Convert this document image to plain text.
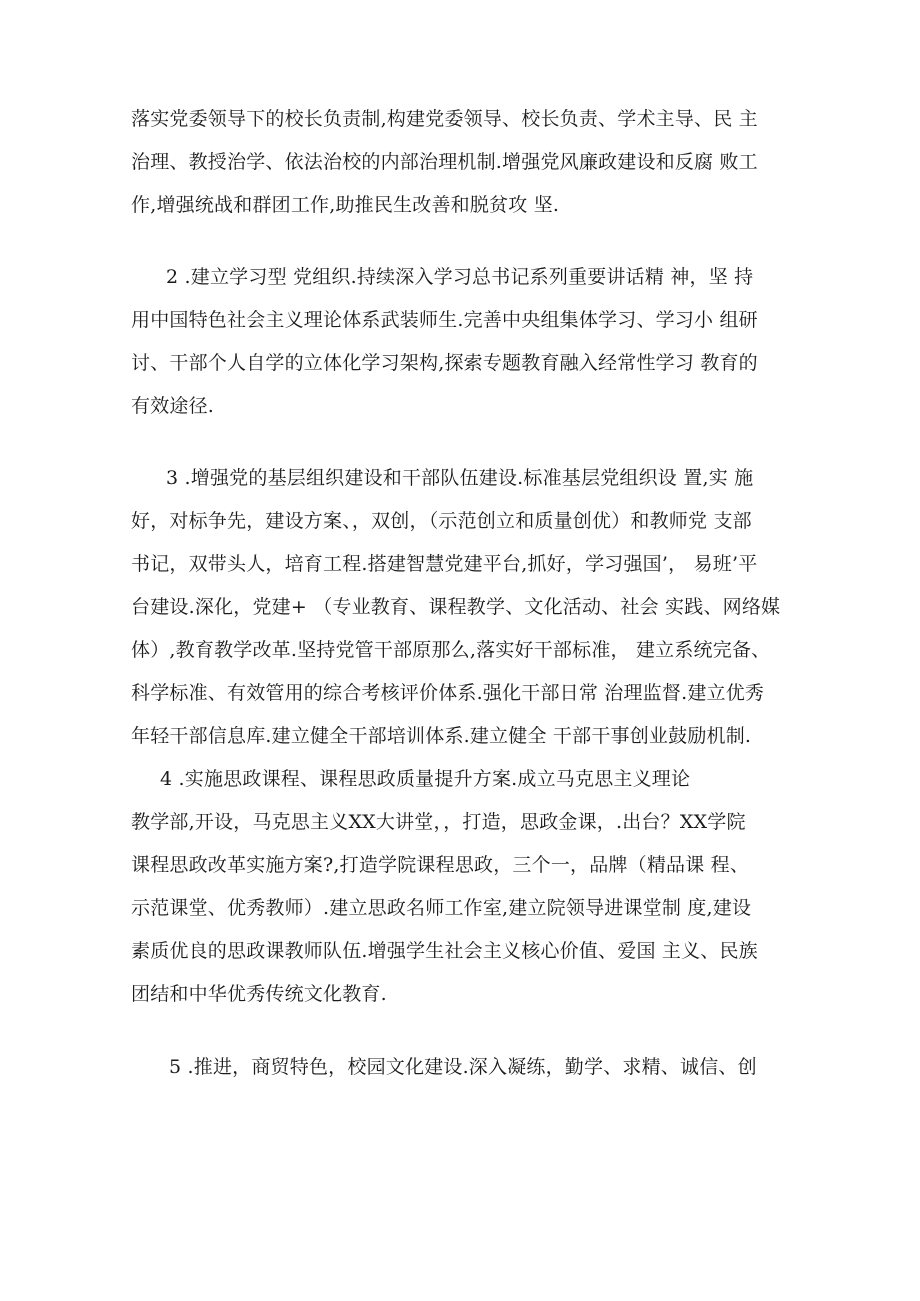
落实党委领导下的校长负责制,构建党委领导、校长负责、学术主导、民 主
治理、教授治学、依法治校的内部治理机制.增强党风廉政建设和反腐 败工
作,增强统战和群团工作,助推民生改善和脱贫攻 坚.
2 .建立学习型 党组织.持续深入学习总书记系列重要讲话精 神，坚 持
用中国特色社会主义理论体系武装师生.完善中央组集体学习、学习小 组研
讨、干部个人自学的立体化学习架构,探索专题教育融入经常性学习 教育的
有效途径.
3 .增强党的基层组织建设和干部队伍建设.标准基层党组织设 置,实 施
好，对标争先，建设方案、，双创，（示范创立和质量创优）和教师党 支部
书记，双带头人，培育工程.搭建智慧党建平台,抓好，学习强国’， 易班’平
台建设.深化，党建+ （专业教育、课程教学、文化活动、社会 实践、网络媒
体）,教育教学改革.坚持党管干部原那么,落实好干部标准， 建立系统完备、
科学标准、有效管用的综合考核评价体系.强化干部日常 治理监督.建立优秀
年轻干部信息库.建立健全干部培训体系.建立健全 干部干事创业鼓励机制.
4 .实施思政课程、课程思政质量提升方案.成立马克思主义理论
教学部,开设，马克思主义XX大讲堂，，打造，思政金课，.出台？XX学院
课程思政改革实施方案?,打造学院课程思政，三个一，品牌（精品课 程、
示范课堂、优秀教师）.建立思政名师工作室,建立院领导进课堂制 度,建设
素质优良的思政课教师队伍.增强学生社会主义核心价值、爱国 主义、民族
团结和中华优秀传统文化教育.
5 .推进，商贸特色，校园文化建设.深入凝练，勤学、求精、诚信、创
